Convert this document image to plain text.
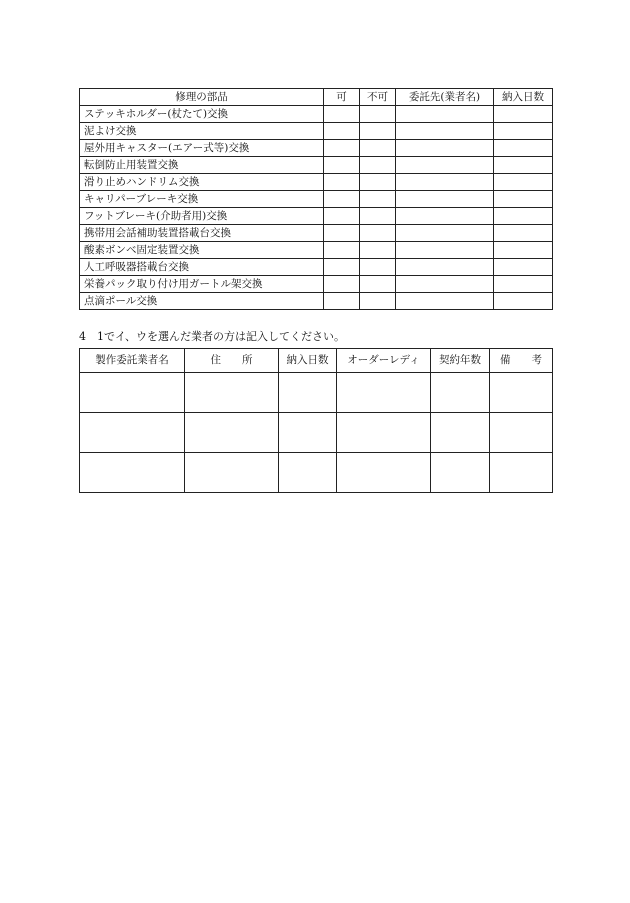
修理の部品	可	不可	委託先(業者名)	納入日数
ステッキホルダー(杖たて)交換				
泥よけ交換				
屋外用キャスター(エアー式等)交換				
転倒防止用装置交換				
滑り止めハンドリム交換				
キャリパーブレーキ交換				
フットブレーキ(介助者用)交換				
携帯用会話補助装置搭載台交換				
酸素ボンベ固定装置交換				
人工呼吸器搭載台交換				
栄養パック取り付け用ガートル架交換				
点滴ポール交換				
4 1でイ、ウを選んだ業者の方は記入してください。
製作委託業者名	住　　所	納入日数	オーダーレディ	契約年数	備　　考
